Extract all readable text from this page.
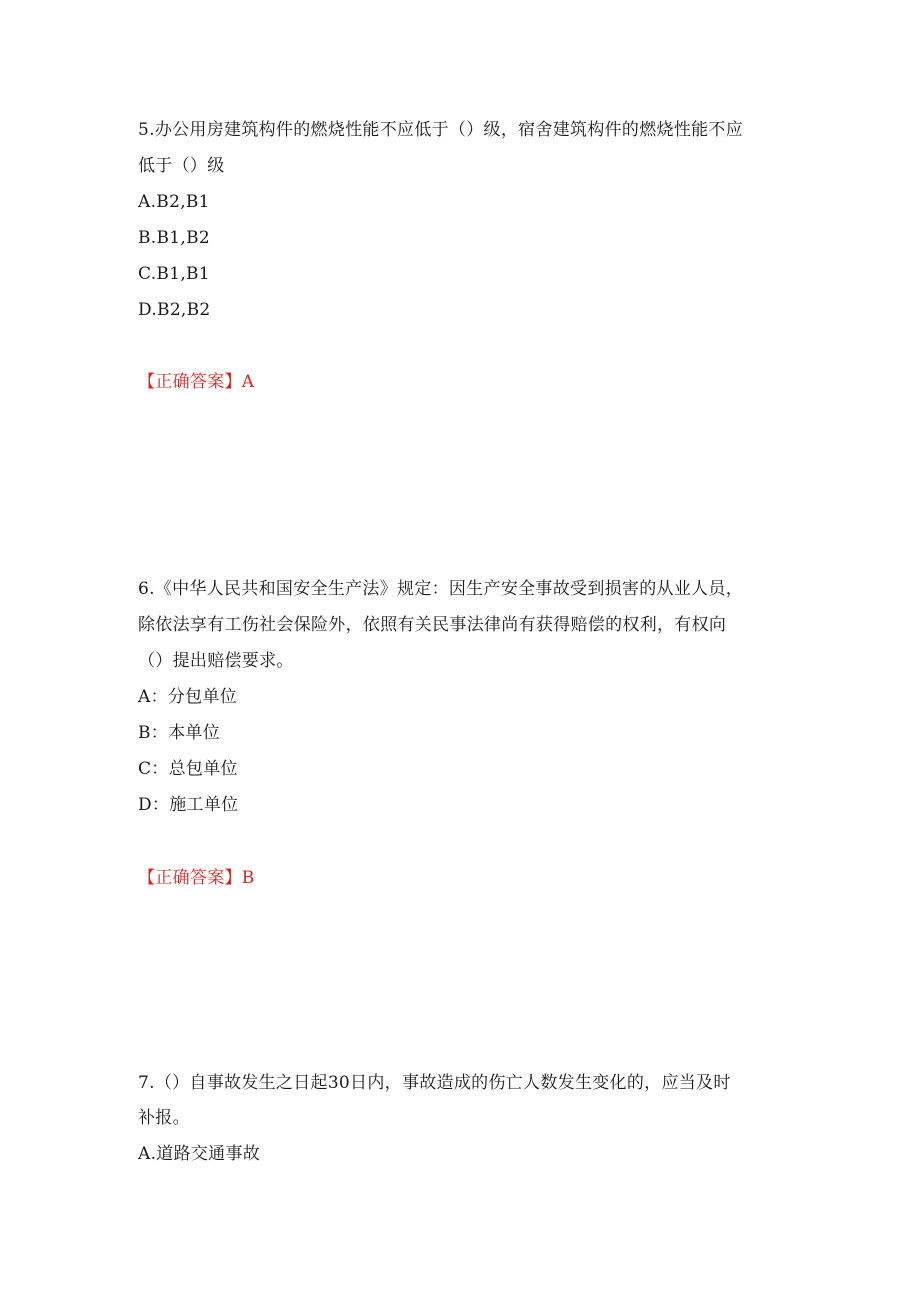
5.办公用房建筑构件的燃烧性能不应低于（）级，宿舍建筑构件的燃烧性能不应
低于（）级
A.B2,B1
B.B1,B2
C.B1,B1
D.B2,B2
【正确答案】A
6.《中华人民共和国安全生产法》规定：因生产安全事故受到损害的从业人员，
除依法享有工伤社会保险外，依照有关民事法律尚有获得赔偿的权利，有权向
（）提出赔偿要求。
A：分包单位
B：本单位
C：总包单位
D：施工单位
【正确答案】B
7.（）自事故发生之日起30日内，事故造成的伤亡人数发生变化的，应当及时
补报。
A.道路交通事故
